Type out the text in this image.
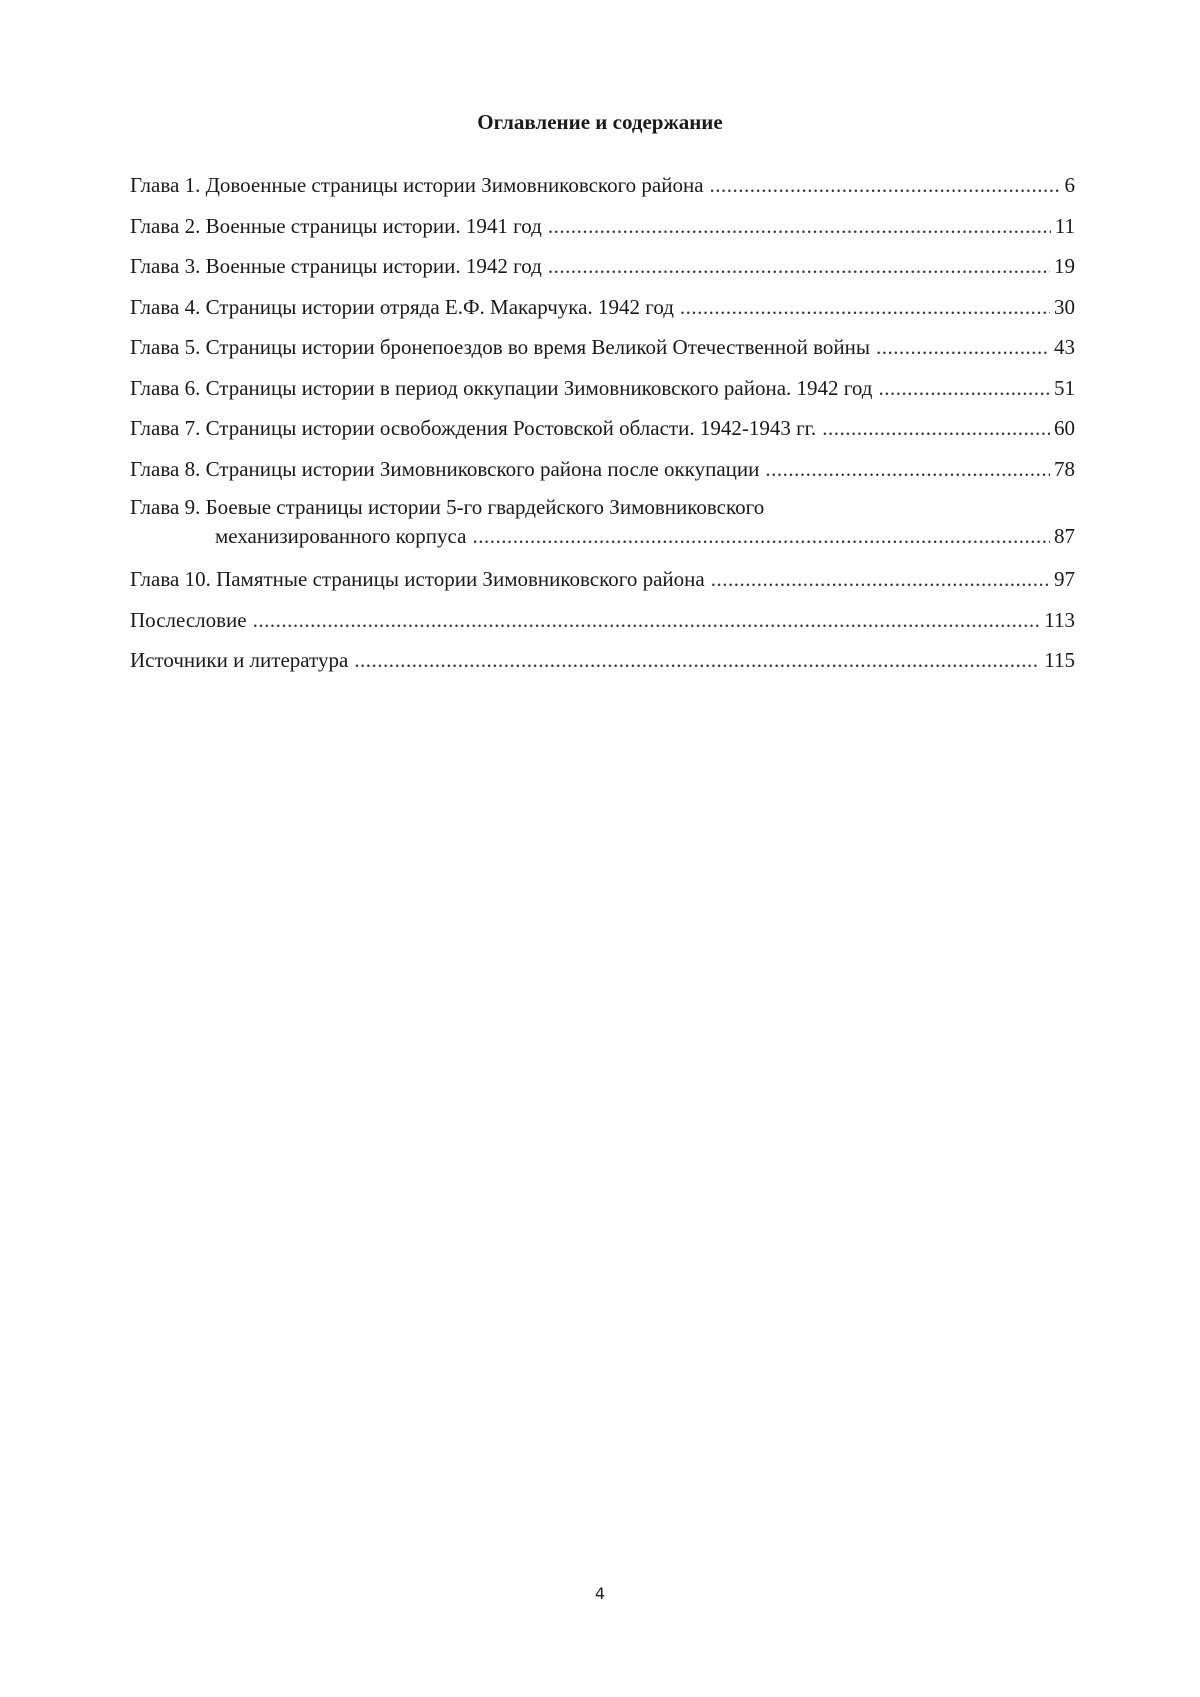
Оглавление и содержание
Глава 1. Довоенные страницы истории Зимовниковского района .....	6
Глава 2. Военные страницы истории. 1941 год .....	11
Глава 3. Военные страницы истории. 1942 год .....	19
Глава 4. Страницы истории отряда Е.Ф. Макарчука. 1942 год .....	30
Глава 5. Страницы истории бронепоездов во время Великой Отечественной войны .....	43
Глава 6. Страницы истории в период оккупации Зимовниковского района. 1942 год .....	51
Глава 7. Страницы истории освобождения Ростовской области. 1942-1943 гг. .....	60
Глава 8. Страницы истории Зимовниковского района после оккупации .....	78
Глава 9. Боевые страницы истории 5-го гвардейского Зимовниковского
механизированного корпуса .....	87
Глава 10. Памятные страницы истории Зимовниковского района .....	97
Послесловие .....	113
Источники и литература .....	115
4
